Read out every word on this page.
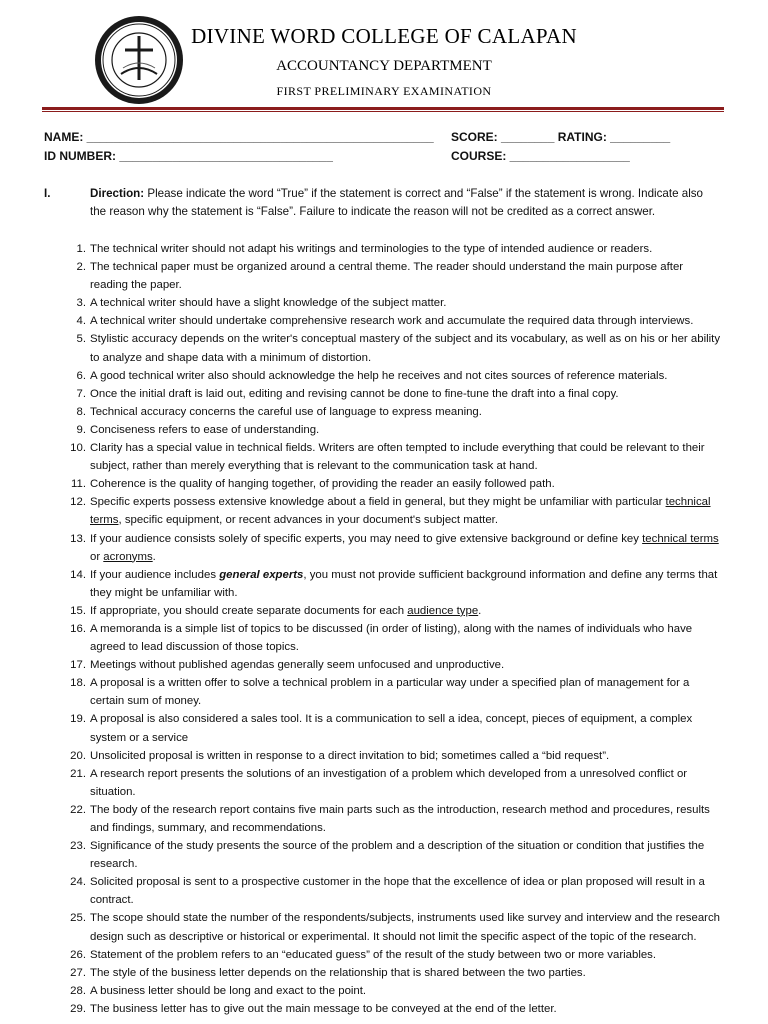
DIVINE WORD COLLEGE OF CALAPAN
ACCOUNTANCY DEPARTMENT
FIRST PRELIMINARY EXAMINATION
NAME: ____________________________________________________ SCORE: ________ RATING: _________
ID NUMBER: ________________________________	COURSE: __________________
I.	Direction: Please indicate the word “True” if the statement is correct and “False” if the statement is wrong. Indicate also the reason why the statement is “False”. Failure to indicate the reason will not be credited as a correct answer.
1. The technical writer should not adapt his writings and terminologies to the type of intended audience or readers.
2. The technical paper must be organized around a central theme. The reader should understand the main purpose after reading the paper.
3. A technical writer should have a slight knowledge of the subject matter.
4. A technical writer should undertake comprehensive research work and accumulate the required data through interviews.
5. Stylistic accuracy depends on the writer's conceptual mastery of the subject and its vocabulary, as well as on his or her ability to analyze and shape data with a minimum of distortion.
6. A good technical writer also should acknowledge the help he receives and not cites sources of reference materials.
7. Once the initial draft is laid out, editing and revising cannot be done to fine-tune the draft into a final copy.
8. Technical accuracy concerns the careful use of language to express meaning.
9. Conciseness refers to ease of understanding.
10. Clarity has a special value in technical fields. Writers are often tempted to include everything that could be relevant to their subject, rather than merely everything that is relevant to the communication task at hand.
11. Coherence is the quality of hanging together, of providing the reader an easily followed path.
12. Specific experts possess extensive knowledge about a field in general, but they might be unfamiliar with particular technical terms, specific equipment, or recent advances in your document's subject matter.
13. If your audience consists solely of specific experts, you may need to give extensive background or define key technical terms or acronyms.
14. If your audience includes general experts, you must not provide sufficient background information and define any terms that they might be unfamiliar with.
15. If appropriate, you should create separate documents for each audience type.
16. A memoranda is a simple list of topics to be discussed (in order of listing), along with the names of individuals who have agreed to lead discussion of those topics.
17. Meetings without published agendas generally seem unfocused and unproductive.
18. A proposal is a written offer to solve a technical problem in a particular way under a specified plan of management for a certain sum of money.
19. A proposal is also considered a sales tool. It is a communication to sell a idea, concept, pieces of equipment, a complex system or a service
20. Unsolicited proposal is written in response to a direct invitation to bid; sometimes called a “bid request”.
21. A research report presents the solutions of an investigation of a problem which developed from a unresolved conflict or situation.
22. The body of the research report contains five main parts such as the introduction, research method and procedures, results and findings, summary, and recommendations.
23. Significance of the study presents the source of the problem and a description of the situation or condition that justifies the research.
24. Solicited proposal is sent to a prospective customer in the hope that the excellence of idea or plan proposed will result in a contract.
25. The scope should state the number of the respondents/subjects, instruments used like survey and interview and the research design such as descriptive or historical or experimental. It should not limit the specific aspect of the topic of the research.
26. Statement of the problem refers to an “educated guess” of the result of the study between two or more variables.
27. The style of the business letter depends on the relationship that is shared between the two parties.
28. A business letter should be long and exact to the point.
29. The business letter has to give out the main message to be conveyed at the end of the letter.
